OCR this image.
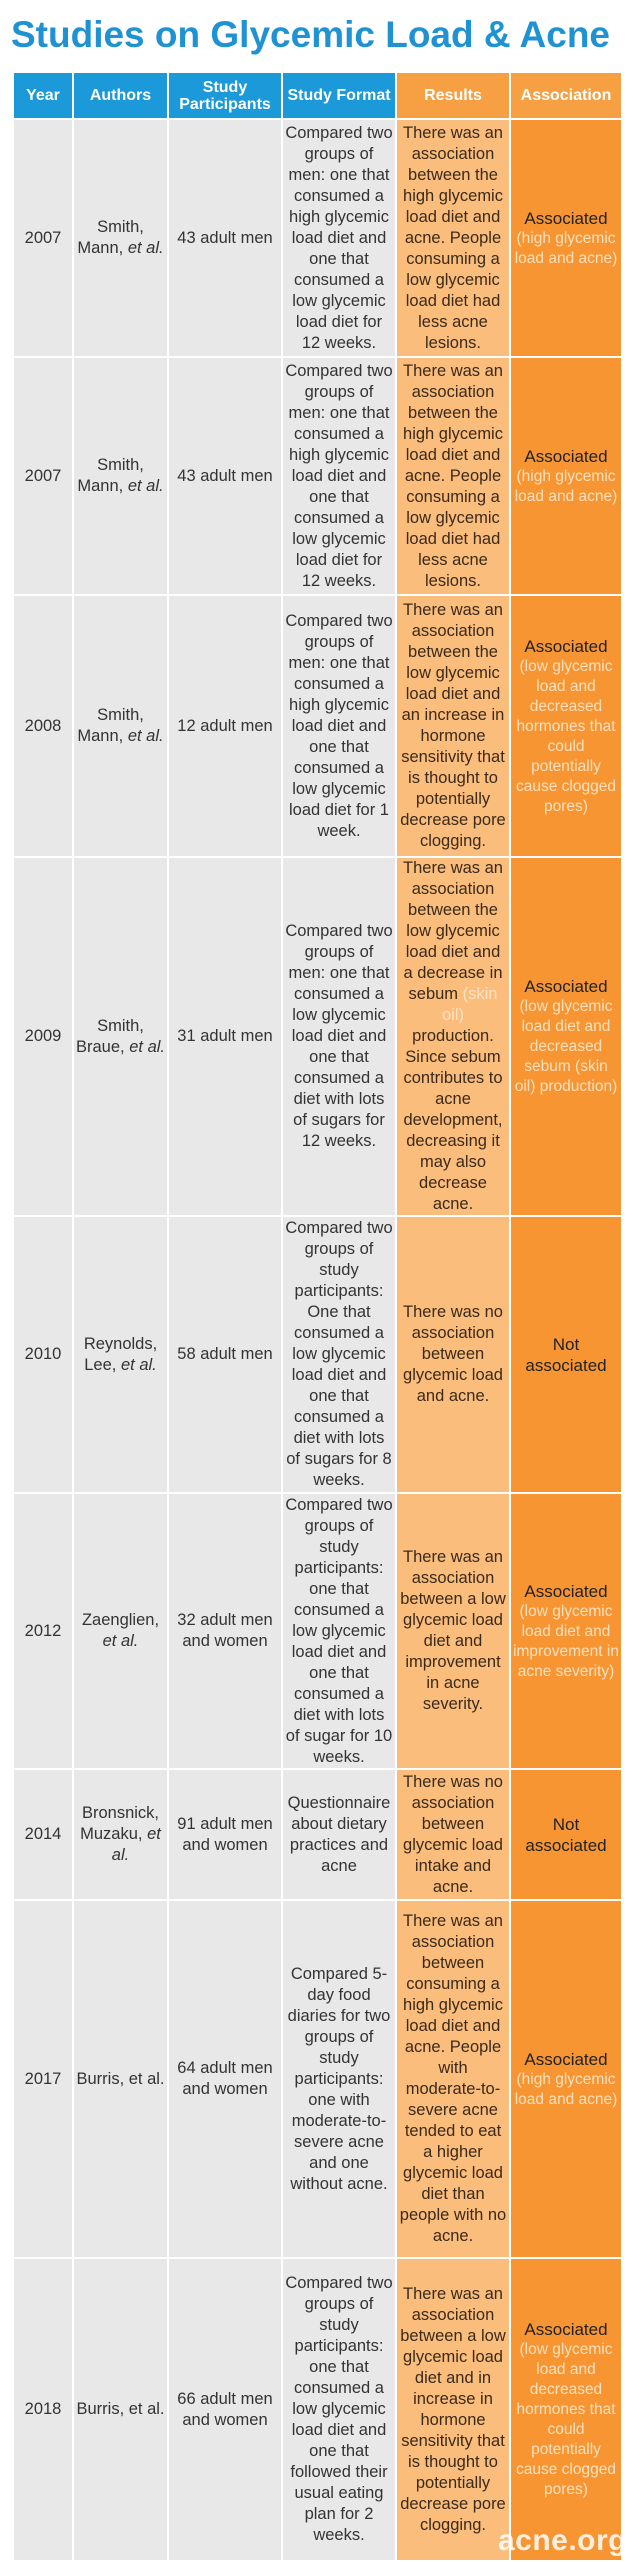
Studies on Glycemic Load & Acne
Year	Authors	Study Participants	Study Format	Results	Association
2007	Smith, Mann, et al.	43 adult men	Compared two groups of men: one that consumed a high glycemic load diet and one that consumed a low glycemic load diet for 12 weeks.	There was an association between the high glycemic load diet and acne. People consuming a low glycemic load diet had less acne lesions.	Associated
(high glycemic load and acne)

2007	Smith, Mann, et al.	43 adult men	Compared two groups of men: one that consumed a high glycemic load diet and one that consumed a low glycemic load diet for 12 weeks.	There was an association between the high glycemic load diet and acne. People consuming a low glycemic load diet had less acne lesions.	Associated
(high glycemic load and acne)

2008	Smith, Mann, et al.	12 adult men	Compared two groups of men: one that consumed a high glycemic load diet and one that consumed a low glycemic load diet for 1 week.	There was an association between the low glycemic load diet and an increase in hormone sensitivity that is thought to potentially decrease pore clogging.	Associated
(low glycemic load and decreased hormones that could potentially cause clogged pores)

2009	Smith, Braue, et al.	31 adult men	Compared two groups of men: one that consumed a low glycemic load diet and one that consumed a diet with lots of sugars for 12 weeks.	There was an association between the low glycemic load diet and a decrease in sebum (skin oil) production. Since sebum contributes to acne development, decreasing it may also decrease acne.	Associated
(low glycemic load diet and decreased sebum (skin oil) production)

2010	Reynolds, Lee, et al.	58 adult men	Compared two groups of study participants: One that consumed a low glycemic load diet and one that consumed a diet with lots of sugars for 8 weeks.	There was no association between glycemic load and acne.	Not associated

2012	Zaenglien, et al.	32 adult men and women	Compared two groups of study participants: one that consumed a low glycemic load diet and one that consumed a diet with lots of sugar for 10 weeks.	There was an association between a low glycemic load diet and improvement in acne severity.	Associated
(low glycemic load diet and improvement in acne severity)

2014	Bronsnick, Muzaku, et al.	91 adult men and women	Questionnaire about dietary practices and acne	There was no association between glycemic load intake and acne.	Not associated

2017	Burris, et al.	64 adult men and women	Compared 5-day food diaries for two groups of study participants: one with moderate-to-severe acne and one without acne.	There was an association between consuming a high glycemic load diet and acne. People with moderate-to-severe acne tended to eat a higher glycemic load diet than people with no acne.	Associated
(high glycemic load and acne)

2018	Burris, et al.	66 adult men and women	Compared two groups of study participants: one that consumed a low glycemic load diet and one that followed their usual eating plan for 2 weeks.	There was an association between a low glycemic load diet and in increase in hormone sensitivity that is thought to potentially decrease pore clogging.	Associated
(low glycemic load and decreased hormones that could potentially cause clogged pores)
acne.org
